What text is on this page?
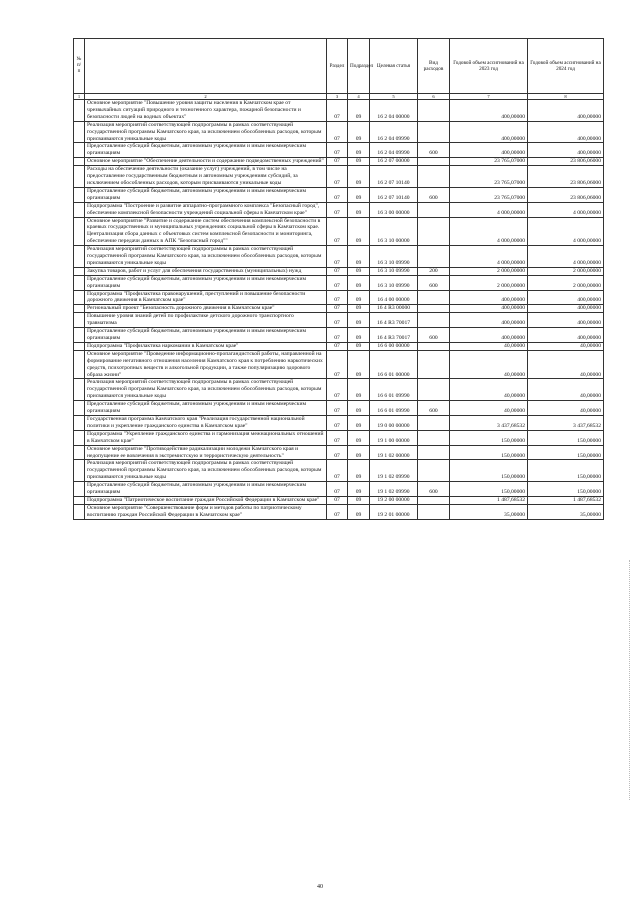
№ п/п		Раздел	Подраздел	Целевая статья	Вид расходов	Годовой объем ассигнований на 2023 год	Годовой объем ассигнований на 2024 год
1	2	3	4	5	6	7	8
	Основное мероприятие "Повышение уровня защиты населения в Камчатском крае от чрезвычайных ситуаций природного и техногенного характера, пожарной безопасности и безопасности людей на водных объектах"	07	09	16 2 04 00000		400,00000	400,00000
	Реализация мероприятий соответствующей подпрограммы в рамках соответствующей государственной программы Камчатского края, за исключением обособленных расходов, которым присваиваются уникальные коды	07	09	16 2 04 09990		400,00000	400,00000
	Предоставление субсидий бюджетным, автономным учреждениям и иным некоммерческим организациям	07	09	16 2 04 09990	600	400,00000	400,00000
	Основное мероприятие "Обеспечение деятельности и содержание подведомственных учреждений"	07	09	16 2 07 00000		23 765,07000	23 806,06000
	Расходы на обеспечение деятельности (оказание услуг) учреждений, в том числе на предоставление государственным бюджетным и автономным учреждениям субсидий, за исключением обособленных расходов, которым присваиваются уникальные коды	07	09	16 2 07 10140		23 765,07000	23 806,06000
	Предоставление субсидий бюджетным, автономным учреждениям и иным некоммерческим организациям	07	09	16 2 07 10140	600	23 765,07000	23 806,06000
	Подпрограмма "Построение и развитие аппаратно-программного комплекса "Безопасный город", обеспечение комплексной безопасности учреждений социальной сферы в Камчатском крае"	07	09	16 3 00 00000		4 000,00000	4 000,00000
	Основное мероприятие "Развитие и содержание систем обеспечения комплексной безопасности в краевых государственных и муниципальных учреждениях социальной сферы в Камчатском крае. Централизация сбора данных с объектовых систем комплексной безопасности и мониторинга, обеспечение передачи данных в АПК "Безопасный город""	07	09	16 3 10 00000		4 000,00000	4 000,00000
	Реализация мероприятий соответствующей подпрограммы в рамках соответствующей государственной программы Камчатского края, за исключением обособленных расходов, которым присваиваются уникальные коды	07	09	16 3 10 09990		4 000,00000	4 000,00000
	Закупка товаров, работ и услуг для обеспечения государственных (муниципальных) нужд	07	09	16 3 10 09990	200	2 000,00000	2 000,00000
	Предоставление субсидий бюджетным, автономным учреждениям и иным некоммерческим организациям	07	09	16 3 10 09990	600	2 000,00000	2 000,00000
	Подпрограмма "Профилактика правонарушений, преступлений и повышение безопасности дорожного движения в Камчатском крае"	07	09	16 4 00 00000		400,00000	400,00000
	Региональный проект "Безопасность дорожного движения в Камчатском крае"	07	09	16 4 R3 00000		400,00000	400,00000
	Повышение уровня знаний детей по профилактике детского дорожного транспортного травматизма	07	09	16 4 R3 70017		400,00000	400,00000
	Предоставление субсидий бюджетным, автономным учреждениям и иным некоммерческим организациям	07	09	16 4 R3 70017	600	400,00000	400,00000
	Подпрограмма "Профилактика наркомании в Камчатском крае"	07	09	16 6 00 00000		40,00000	40,00000
	Основное мероприятие "Проведение информационно-пропагандистской работы, направленной на формирование негативного отношения населения Камчатского края к потреблению наркотических средств, психотропных веществ и алкогольной продукции, а также популяризацию здорового образа жизни"	07	09	16 6 01 00000		40,00000	40,00000
	Реализация мероприятий соответствующей подпрограммы в рамках соответствующей государственной программы Камчатского края, за исключением обособленных расходов, которым присваиваются уникальные коды	07	09	16 6 01 09990		40,00000	40,00000
	Предоставление субсидий бюджетным, автономным учреждениям и иным некоммерческим организациям	07	09	16 6 01 09990	600	40,00000	40,00000
	Государственная программа Камчатского края "Реализация государственной национальной политики и укрепление гражданского единства в Камчатском крае"	07	09	19 0 00 00000		3 437,68532	3 437,68532
	Подпрограмма "Укрепление гражданского единства и гармонизация межнациональных отношений в Камчатском крае"	07	09	19 1 00 00000		150,00000	150,00000
	Основное мероприятие "Противодействие радикализации молодежи Камчатского края и недопущение ее вовлечения в экстремистскую и террористическую деятельность"	07	09	19 1 02 00000		150,00000	150,00000
	Реализация мероприятий соответствующей подпрограммы в рамках соответствующей государственной программы Камчатского края, за исключением обособленных расходов, которым присваиваются уникальные коды	07	09	19 1 02 09990		150,00000	150,00000
	Предоставление субсидий бюджетным, автономным учреждениям и иным некоммерческим организациям	07	09	19 1 02 09990	600	150,00000	150,00000
	Подпрограмма "Патриотическое воспитание граждан Российской Федерации в Камчатском крае"	07	09	19 2 00 00000		1 487,68532	1 487,68532
	Основное мероприятие "Совершенствование форм и методов работы по патриотическому воспитанию граждан Российской Федерации в Камчатском крае"	07	09	19 2 01 00000		35,00000	35,00000
40
